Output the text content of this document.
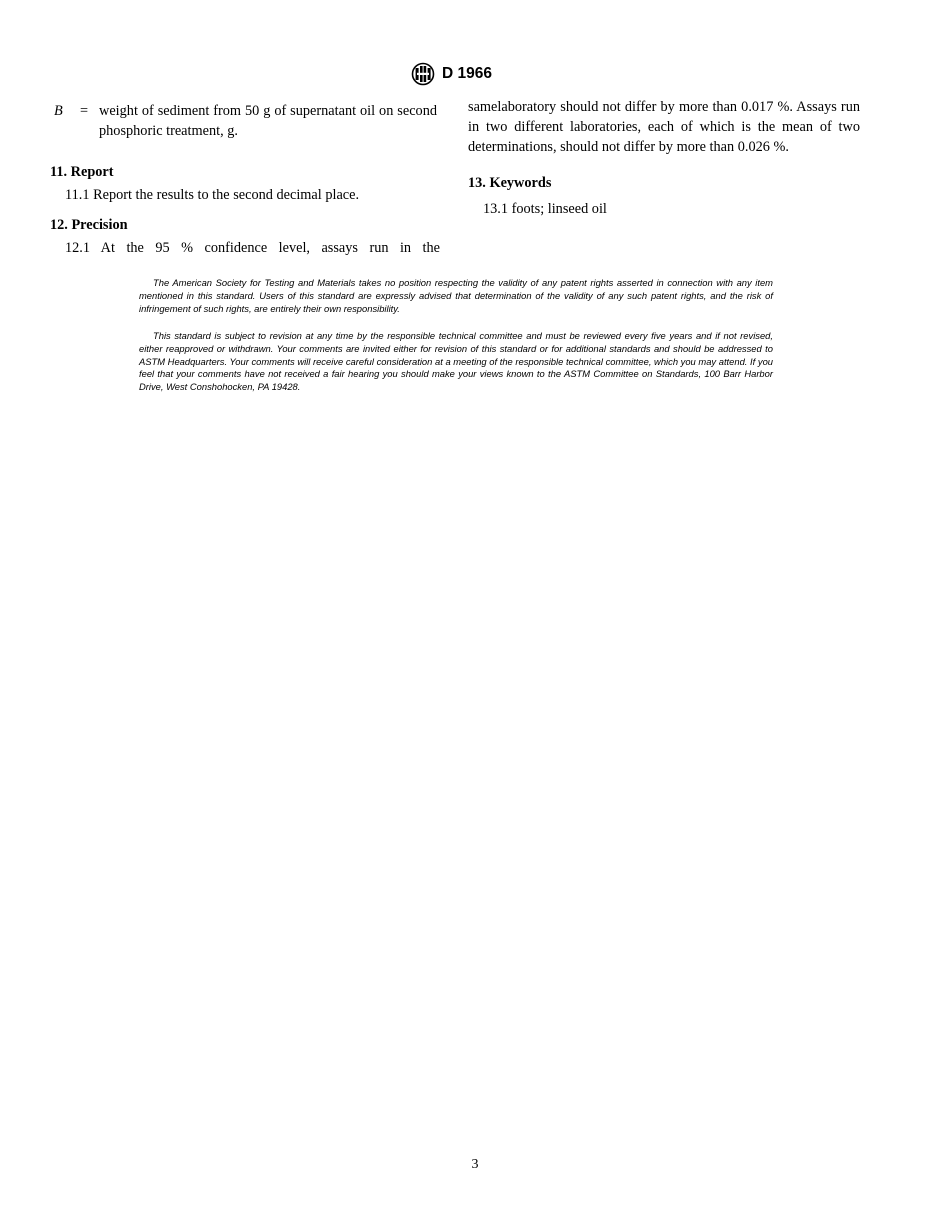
D 1966
B = weight of sediment from 50 g of supernatant oil on second phosphoric treatment, g.

11. Report

11.1 Report the results to the second decimal place.

12. Precision

12.1 At the 95 % confidence level, assays run in the

samelaboratory should not differ by more than 0.017 %. Assays run in two different laboratories, each of which is the mean of two determinations, should not differ by more than 0.026 %.

13. Keywords

13.1 foots; linseed oil

The American Society for Testing and Materials takes no position respecting the validity of any patent rights asserted in connection with any item mentioned in this standard. Users of this standard are expressly advised that determination of the validity of any such patent rights, and the risk of infringement of such rights, are entirely their own responsibility.

This standard is subject to revision at any time by the responsible technical committee and must be reviewed every five years and if not revised, either reapproved or withdrawn. Your comments are invited either for revision of this standard or for additional standards and should be addressed to ASTM Headquarters. Your comments will receive careful consideration at a meeting of the responsible technical committee, which you may attend. If you feel that your comments have not received a fair hearing you should make your views known to the ASTM Committee on Standards, 100 Barr Harbor Drive, West Conshohocken, PA 19428.

3
